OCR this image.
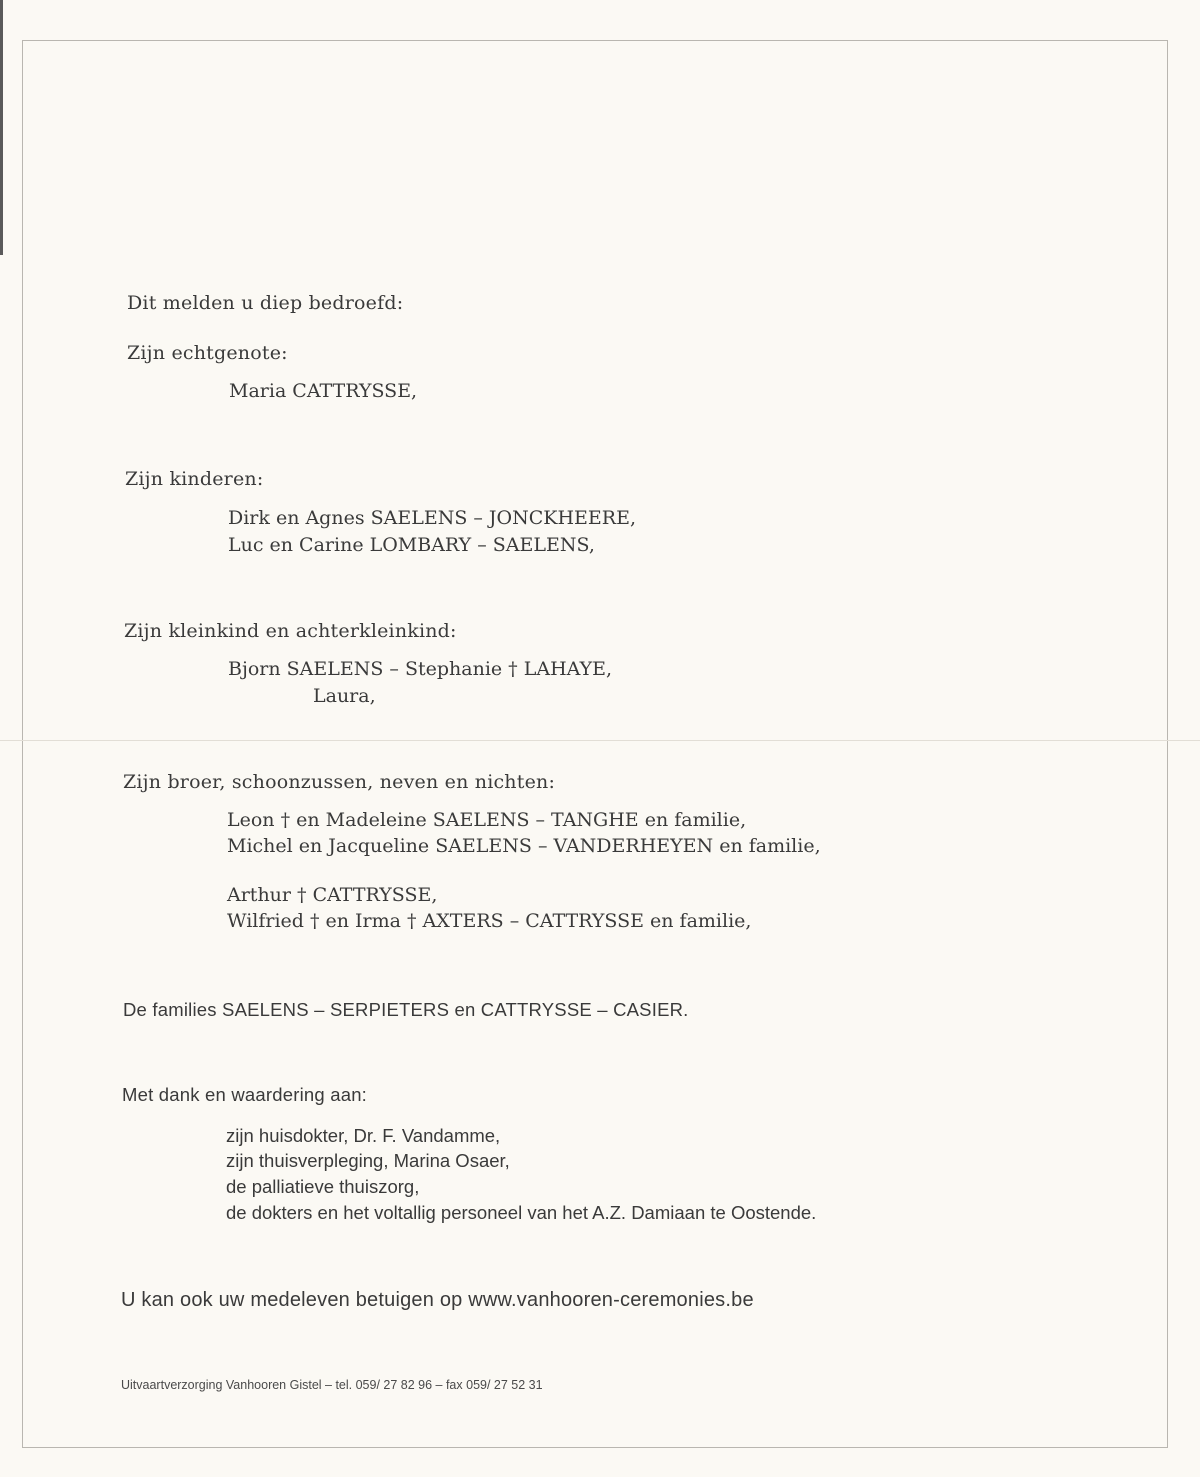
Dit melden u diep bedroefd:
Zijn echtgenote:
Maria CATTRYSSE,
Zijn kinderen:
Dirk en Agnes SAELENS – JONCKHEERE,
Luc en Carine LOMBARY – SAELENS,
Zijn kleinkind en achterkleinkind:
Bjorn SAELENS – Stephanie † LAHAYE,
Laura,
Zijn broer, schoonzussen, neven en nichten:
Leon † en Madeleine SAELENS – TANGHE en familie,
Michel en Jacqueline SAELENS – VANDERHEYEN en familie,
Arthur † CATTRYSSE,
Wilfried † en Irma † AXTERS – CATTRYSSE en familie,
De families SAELENS – SERPIETERS en CATTRYSSE – CASIER.
Met dank en waardering aan:
zijn huisdokter, Dr. F. Vandamme,
zijn thuisverpleging, Marina Osaer,
de palliatieve thuiszorg,
de dokters en het voltallig personeel van het A.Z. Damiaan te Oostende.
U kan ook uw medeleven betuigen op www.vanhooren-ceremonies.be
Uitvaartverzorging Vanhooren Gistel – tel. 059/ 27 82 96 – fax 059/ 27 52 31
